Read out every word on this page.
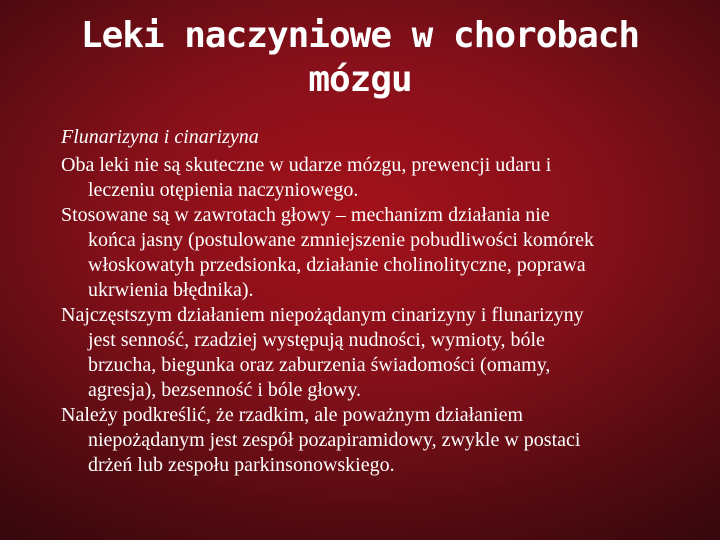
Leki naczyniowe w chorobach
mózgu

Flunarizyna i cinarizyna

Oba leki nie są skuteczne w udarze mózgu, prewencji udaru i
leczeniu otępienia naczyniowego.

Stosowane są w zawrotach głowy – mechanizm działania nie
końca jasny (postulowane zmniejszenie pobudliwości komórek
włoskowatyh przedsionka, działanie cholinolityczne, poprawa
ukrwienia błędnika).

Najczęstszym działaniem niepożądanym cinarizyny i flunarizyny
jest senność, rzadziej występują nudności, wymioty, bóle
brzucha, biegunka oraz zaburzenia świadomości (omamy,
agresja), bezsenność i bóle głowy.

Należy podkreślić, że rzadkim, ale poważnym działaniem
niepożądanym jest zespół pozapiramidowy, zwykle w postaci
drżeń lub zespołu parkinsonowskiego.
